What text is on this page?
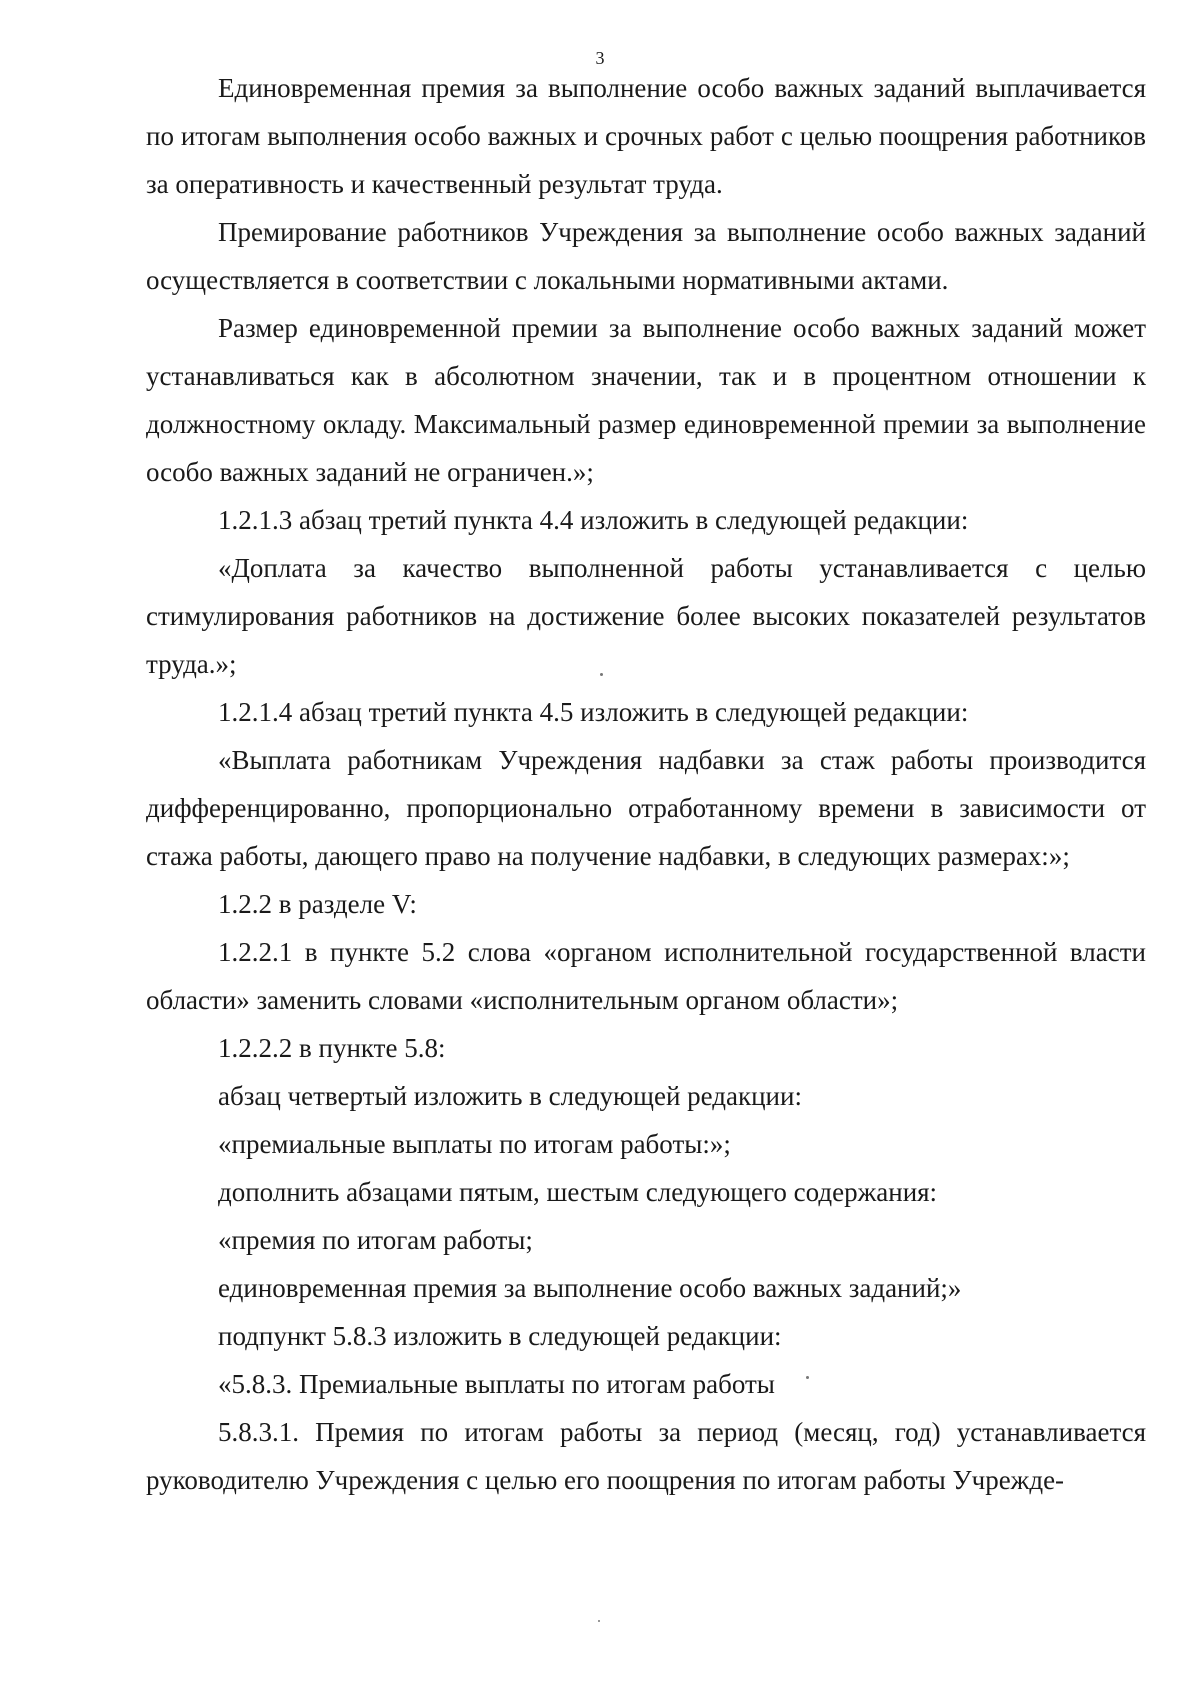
3

Единовременная премия за выполнение особо важных заданий выплачивается по итогам выполнения особо важных и срочных работ с целью поощрения работников за оперативность и качественный результат труда.

Премирование работников Учреждения за выполнение особо важных заданий осуществляется в соответствии с локальными нормативными актами.

Размер единовременной премии за выполнение особо важных заданий может устанавливаться как в абсолютном значении, так и в процентном отношении к должностному окладу. Максимальный размер единовременной премии за выполнение особо важных заданий не ограничен.»;

1.2.1.3 абзац третий пункта 4.4 изложить в следующей редакции:

«Доплата за качество выполненной работы устанавливается с целью стимулирования работников на достижение более высоких показателей результатов труда.»;

1.2.1.4 абзац третий пункта 4.5 изложить в следующей редакции:

«Выплата работникам Учреждения надбавки за стаж работы производится дифференцированно, пропорционально отработанному времени в зависимости от стажа работы, дающего право на получение надбавки, в следующих размерах:»;

1.2.2 в разделе V:

1.2.2.1 в пункте 5.2 слова «органом исполнительной государственной власти области» заменить словами «исполнительным органом области»;

1.2.2.2 в пункте 5.8:

абзац четвертый изложить в следующей редакции:

«премиальные выплаты по итогам работы:»;

дополнить абзацами пятым, шестым следующего содержания:

«премия по итогам работы;

единовременная премия за выполнение особо важных заданий;»

подпункт 5.8.3 изложить в следующей редакции:

«5.8.3. Премиальные выплаты по итогам работы

5.8.3.1. Премия по итогам работы за период (месяц, год) устанавливается руководителю Учреждения с целью его поощрения по итогам работы Учрежде-
